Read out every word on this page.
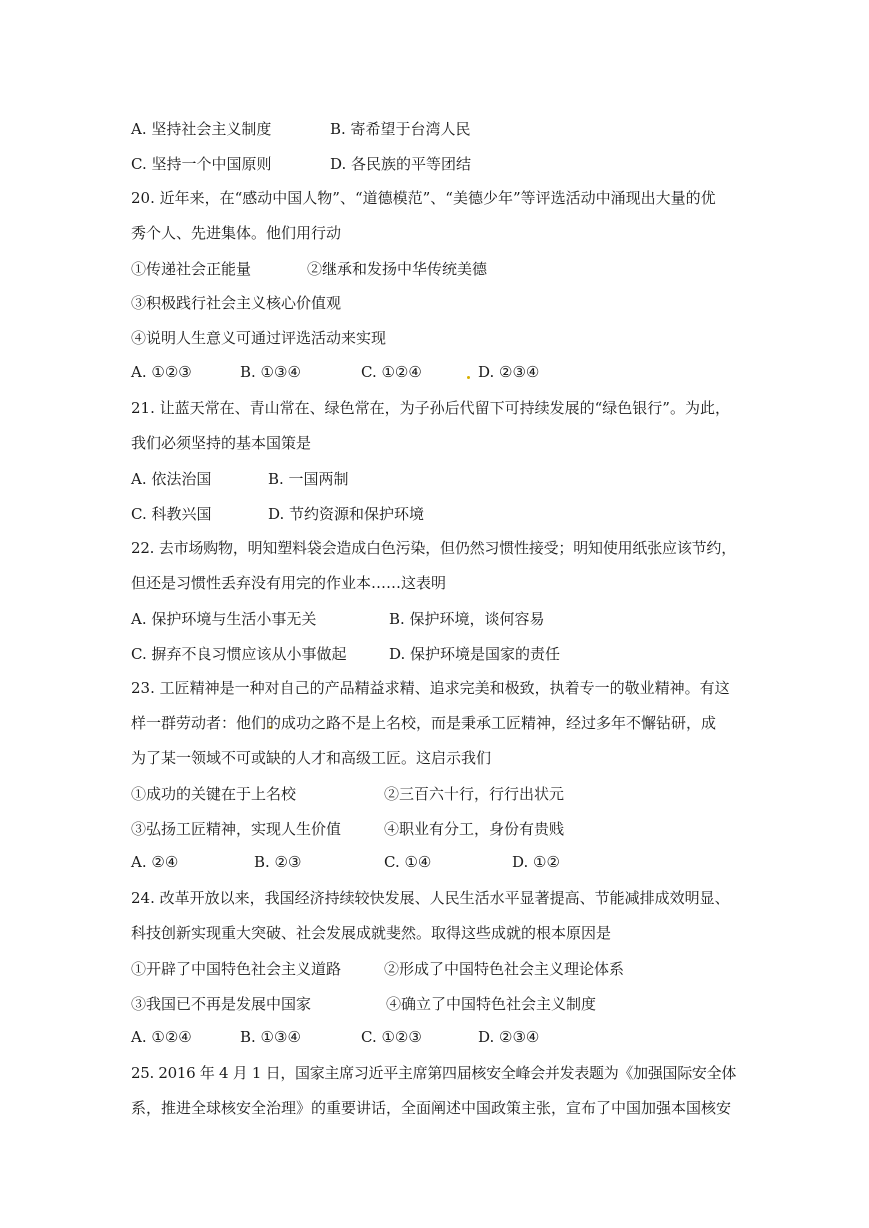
A. 坚持社会主义制度	B. 寄希望于台湾人民
C. 坚持一个中国原则	D. 各民族的平等团结
20. 近年来，在“感动中国人物”、“道德模范”、“美德少年”等评选活动中涌现出大量的优
秀个人、先进集体。他们用行动
①传递社会正能量	②继承和发扬中华传统美德
③积极践行社会主义核心价值观
④说明人生意义可通过评选活动来实现
A. ①②③	B. ①③④	C. ①②④	D. ②③④
21. 让蓝天常在、青山常在、绿色常在，为子孙后代留下可持续发展的“绿色银行”。为此，
我们必须坚持的基本国策是
A. 依法治国	B. 一国两制
C. 科教兴国	D. 节约资源和保护环境
22. 去市场购物，明知塑料袋会造成白色污染，但仍然习惯性接受；明知使用纸张应该节约，
但还是习惯性丢弃没有用完的作业本……这表明
A. 保护环境与生活小事无关	B. 保护环境，谈何容易
C. 摒弃不良习惯应该从小事做起	D. 保护环境是国家的责任
23. 工匠精神是一种对自己的产品精益求精、追求完美和极致，执着专一的敬业精神。有这
样一群劳动者：他们的成功之路不是上名校，而是秉承工匠精神，经过多年不懈钻研，成
为了某一领域不可或缺的人才和高级工匠。这启示我们
①成功的关键在于上名校	②三百六十行，行行出状元
③弘扬工匠精神，实现人生价值	④职业有分工，身份有贵贱
A. ②④	B. ②③	C. ①④	D. ①②
24. 改革开放以来，我国经济持续较快发展、人民生活水平显著提高、节能减排成效明显、
科技创新实现重大突破、社会发展成就斐然。取得这些成就的根本原因是
①开辟了中国特色社会主义道路	②形成了中国特色社会主义理论体系
③我国已不再是发展中国家	④确立了中国特色社会主义制度
A. ①②④	B. ①③④	C. ①②③	D. ②③④
25. 2016 年 4 月 1 日，国家主席习近平主席第四届核安全峰会并发表题为《加强国际安全体
系，推进全球核安全治理》的重要讲话，全面阐述中国政策主张，宣布了中国加强本国核安
